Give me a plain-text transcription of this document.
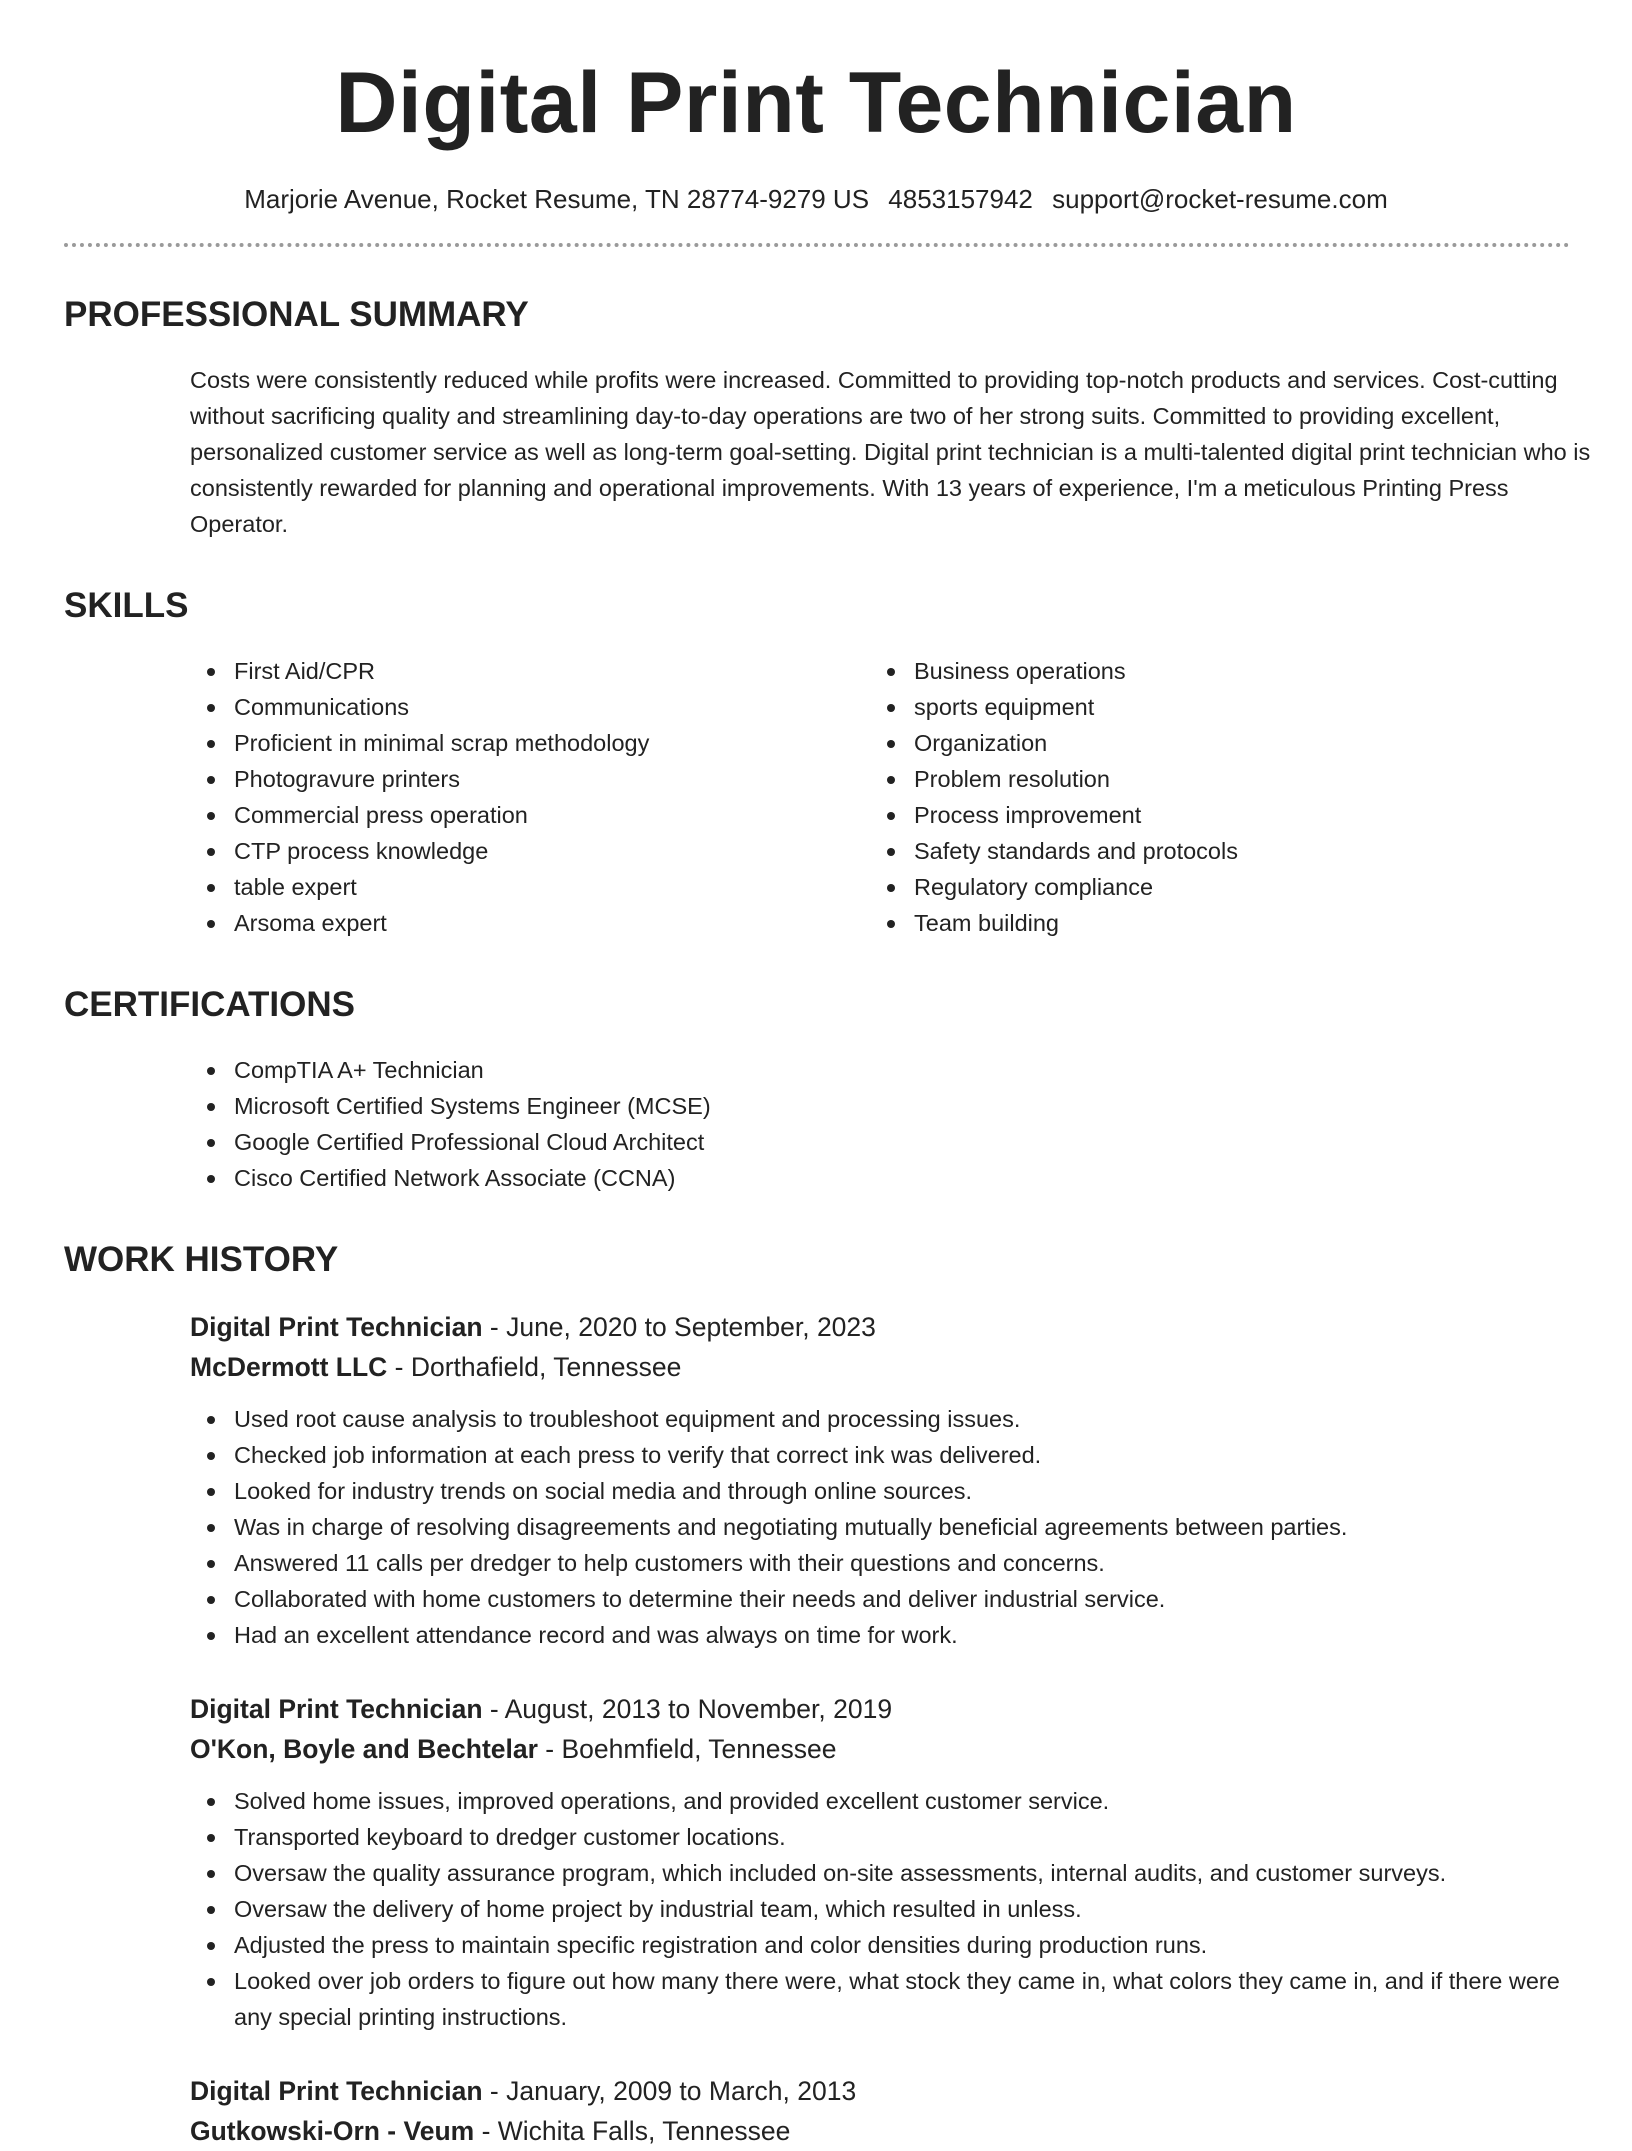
Digital Print Technician
Marjorie Avenue, Rocket Resume, TN 28774-9279 US 4853157942 support@rocket-resume.com
PROFESSIONAL SUMMARY

Costs were consistently reduced while profits were increased. Committed to providing top-notch products and services. Cost-cutting without sacrificing quality and streamlining day-to-day operations are two of her strong suits. Committed to providing excellent, personalized customer service as well as long-term goal-setting. Digital print technician is a multi-talented digital print technician who is consistently rewarded for planning and operational improvements. With 13 years of experience, I'm a meticulous Printing Press Operator.

SKILLS
First Aid/CPR
Communications
Proficient in minimal scrap methodology
Photogravure printers
Commercial press operation
CTP process knowledge
table expert
Arsoma expert
Business operations
sports equipment
Organization
Problem resolution
Process improvement
Safety standards and protocols
Regulatory compliance
Team building
CERTIFICATIONS
CompTIA A+ Technician
Microsoft Certified Systems Engineer (MCSE)
Google Certified Professional Cloud Architect
Cisco Certified Network Associate (CCNA)
WORK HISTORY
Digital Print Technician - June, 2020 to September, 2023
McDermott LLC - Dorthafield, Tennessee
Used root cause analysis to troubleshoot equipment and processing issues.
Checked job information at each press to verify that correct ink was delivered.
Looked for industry trends on social media and through online sources.
Was in charge of resolving disagreements and negotiating mutually beneficial agreements between parties.
Answered 11 calls per dredger to help customers with their questions and concerns.
Collaborated with home customers to determine their needs and deliver industrial service.
Had an excellent attendance record and was always on time for work.
Digital Print Technician - August, 2013 to November, 2019
O'Kon, Boyle and Bechtelar - Boehmfield, Tennessee
Solved home issues, improved operations, and provided excellent customer service.
Transported keyboard to dredger customer locations.
Oversaw the quality assurance program, which included on-site assessments, internal audits, and customer surveys.
Oversaw the delivery of home project by industrial team, which resulted in unless.
Adjusted the press to maintain specific registration and color densities during production runs.
Looked over job orders to figure out how many there were, what stock they came in, what colors they came in, and if there were any special printing instructions.
Digital Print Technician - January, 2009 to March, 2013
Gutkowski-Orn - Veum - Wichita Falls, Tennessee
